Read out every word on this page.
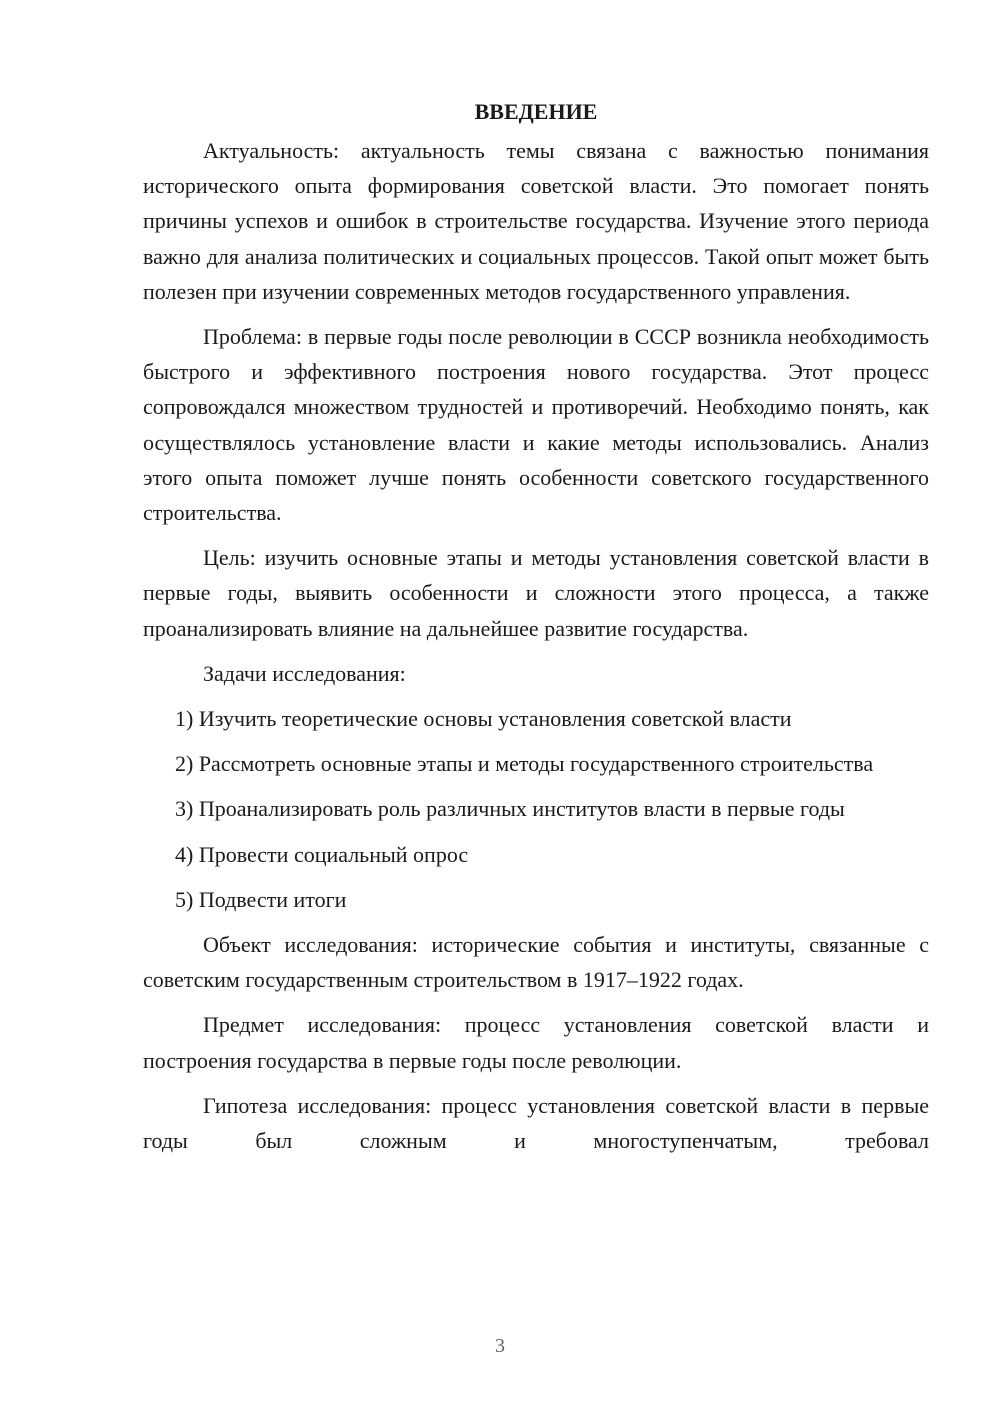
ВВЕДЕНИЕ

Актуальность: актуальность темы связана с важностью понимания исторического опыта формирования советской власти. Это помогает понять причины успехов и ошибок в строительстве государства. Изучение этого периода важно для анализа политических и социальных процессов. Такой опыт может быть полезен при изучении современных методов государственного управления.

Проблема: в первые годы после революции в СССР возникла необходимость быстрого и эффективного построения нового государства. Этот процесс сопровождался множеством трудностей и противоречий. Необходимо понять, как осуществлялось установление власти и какие методы использовались. Анализ этого опыта поможет лучше понять особенности советского государственного строительства.

Цель: изучить основные этапы и методы установления советской власти в первые годы, выявить особенности и сложности этого процесса, а также проанализировать влияние на дальнейшее развитие государства.

Задачи исследования:

1) Изучить теоретические основы установления советской власти

2) Рассмотреть основные этапы и методы государственного строительства

3) Проанализировать роль различных институтов власти в первые годы

4) Провести социальный опрос

5) Подвести итоги

Объект исследования: исторические события и институты, связанные с советским государственным строительством в 1917–1922 годах.

Предмет исследования: процесс установления советской власти и построения государства в первые годы после революции.

Гипотеза исследования: процесс установления советской власти в первые годы был сложным и многоступенчатым, требовал

3
